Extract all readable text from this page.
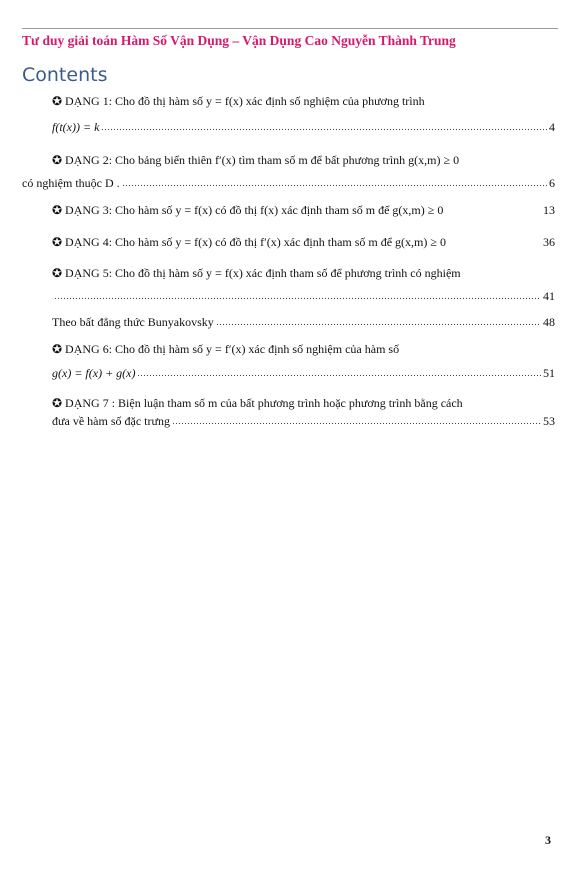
Tư duy giải toán Hàm Số Vận Dụng – Vận Dụng Cao Nguyễn Thành Trung
Contents
✪ DẠNG 1: Cho đồ thị hàm số y = f(x) xác định số nghiệm của phương trình
f(t(x)) = k	4
✪ DẠNG 2: Cho bảng biến thiên f′(x) tìm tham số m để bất phương trình g(x,m) ≥ 0
có nghiệm thuộc D .	6
✪ DẠNG 3: Cho hàm số y = f(x) có đồ thị f(x) xác định tham số m để g(x,m) ≥ 0	13
✪ DẠNG 4: Cho hàm số y = f(x) có đồ thị f′(x) xác định tham số m để g(x,m) ≥ 0	36
✪ DẠNG 5: Cho đồ thị hàm số y = f(x) xác định tham số để phương trình có nghiệm
41
Theo bất đẳng thức Bunyakovsky	48
✪ DẠNG 6: Cho đồ thị hàm số y = f′(x) xác định số nghiệm của hàm số
g(x) = f(x) + g(x)	51
✪ DẠNG 7 : Biện luận tham số m của bất phương trình hoặc phương trình bằng cách
đưa về hàm số đặc trưng	53
3
